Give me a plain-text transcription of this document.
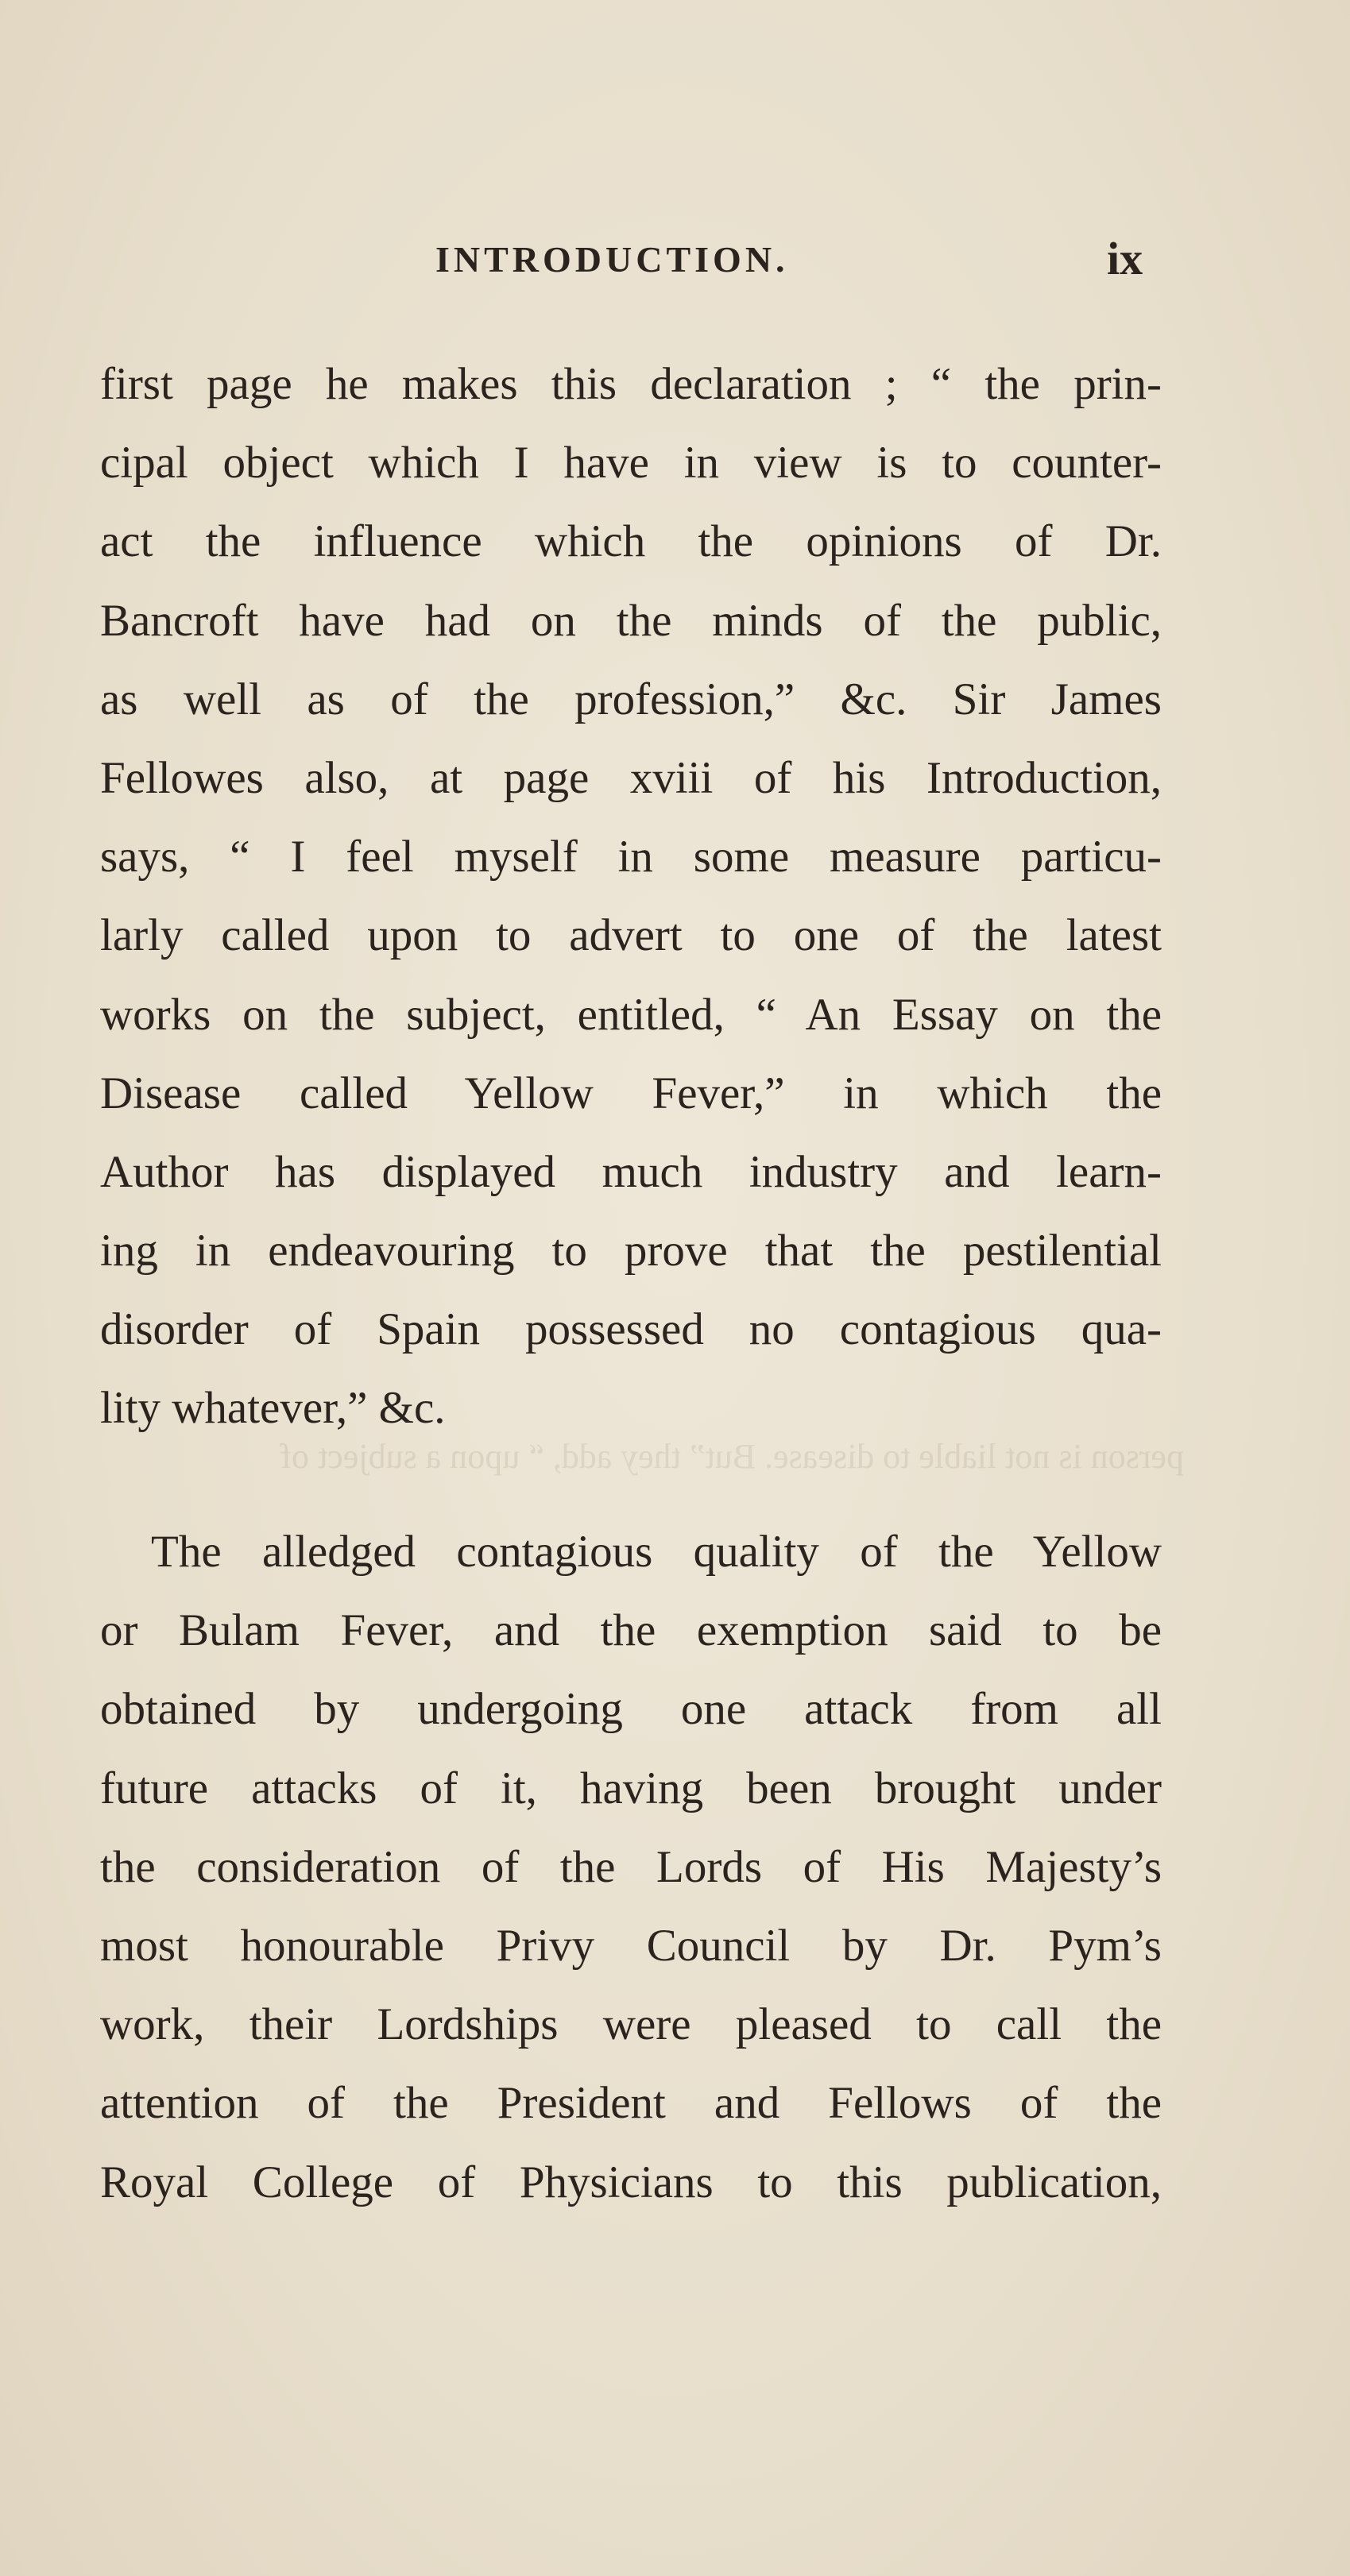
INTRODUCTION.	ix
first page he makes this declaration ; “ the prin-
cipal object which I have in view is to counter-
act the influence which the opinions of Dr.
Bancroft have had on the minds of the public,
as well as of the profession,” &c. Sir James
Fellowes also, at page xviii of his Introduction,
says, “ I feel myself in some measure particu-
larly called upon to advert to one of the latest
works on the subject, entitled, “ An Essay on the
Disease called Yellow Fever,” in which the
Author has displayed much industry and learn-
ing in endeavouring to prove that the pestilential
disorder of Spain possessed no contagious qua-
lity whatever,” &c.
person is not liable to disease. But” they add, “ upon a subject of
The alledged contagious quality of the Yellow
or Bulam Fever, and the exemption said to be
obtained by undergoing one attack from all
future attacks of it, having been brought under
the consideration of the Lords of His Majesty’s
most honourable Privy Council by Dr. Pym’s
work, their Lordships were pleased to call the
attention of the President and Fellows of the
Royal College of Physicians to this publication,
